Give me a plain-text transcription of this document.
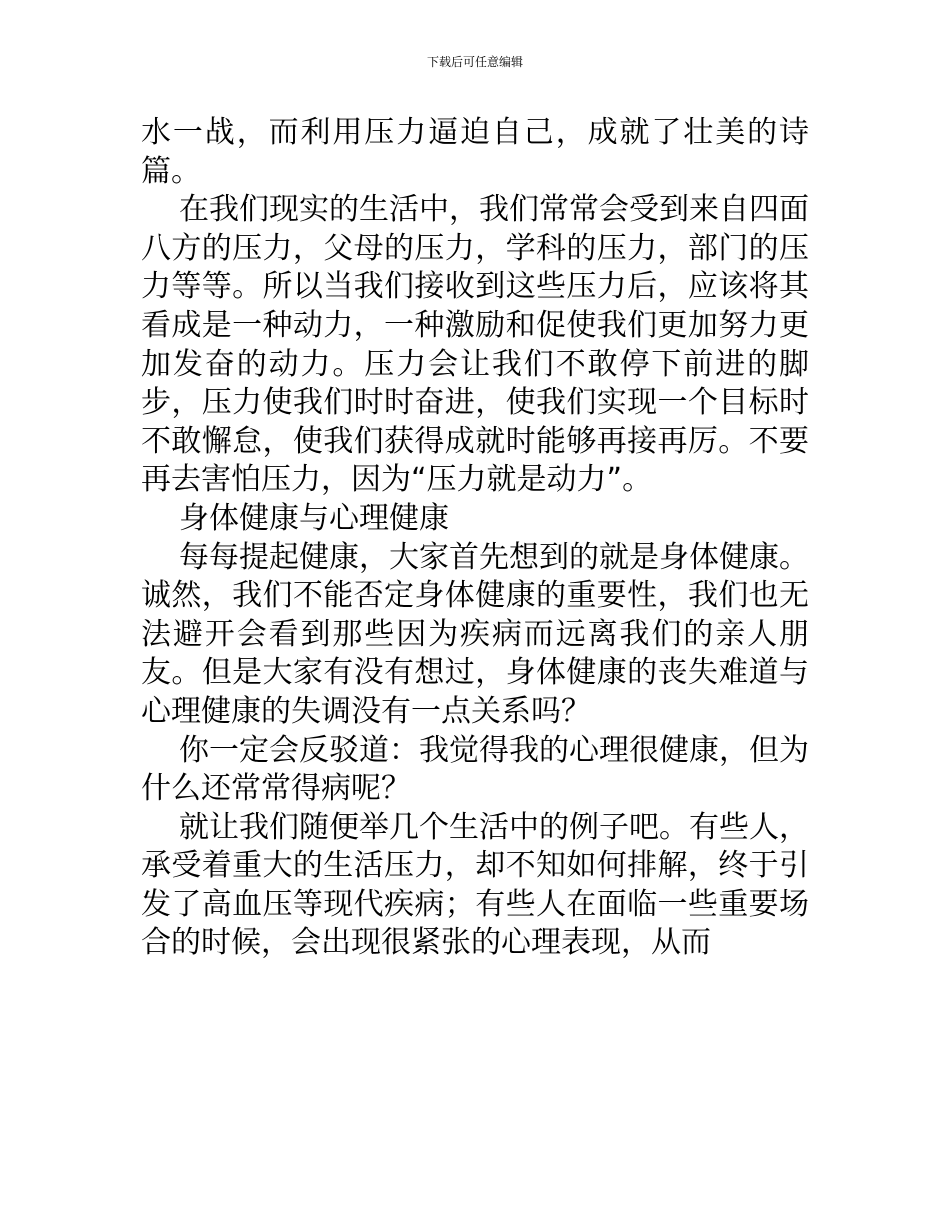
下载后可任意编辑

水一战，而利用压力逼迫自己，成就了壮美的诗篇。

在我们现实的生活中，我们常常会受到来自四面八方的压力，父母的压力，学科的压力，部门的压力等等。所以当我们接收到这些压力后，应该将其看成是一种动力，一种激励和促使我们更加努力更加发奋的动力。压力会让我们不敢停下前进的脚步，压力使我们时时奋进，使我们实现一个目标时不敢懈怠，使我们获得成就时能够再接再厉。不要再去害怕压力，因为“压力就是动力”。

身体健康与心理健康

每每提起健康，大家首先想到的就是身体健康。诚然，我们不能否定身体健康的重要性，我们也无法避开会看到那些因为疾病而远离我们的亲人朋友。但是大家有没有想过，身体健康的丧失难道与心理健康的失调没有一点关系吗？

你一定会反驳道：我觉得我的心理很健康，但为什么还常常得病呢？

就让我们随便举几个生活中的例子吧。有些人，承受着重大的生活压力，却不知如何排解，终于引发了高血压等现代疾病；有些人在面临一些重要场合的时候，会出现很紧张的心理表现，从而
